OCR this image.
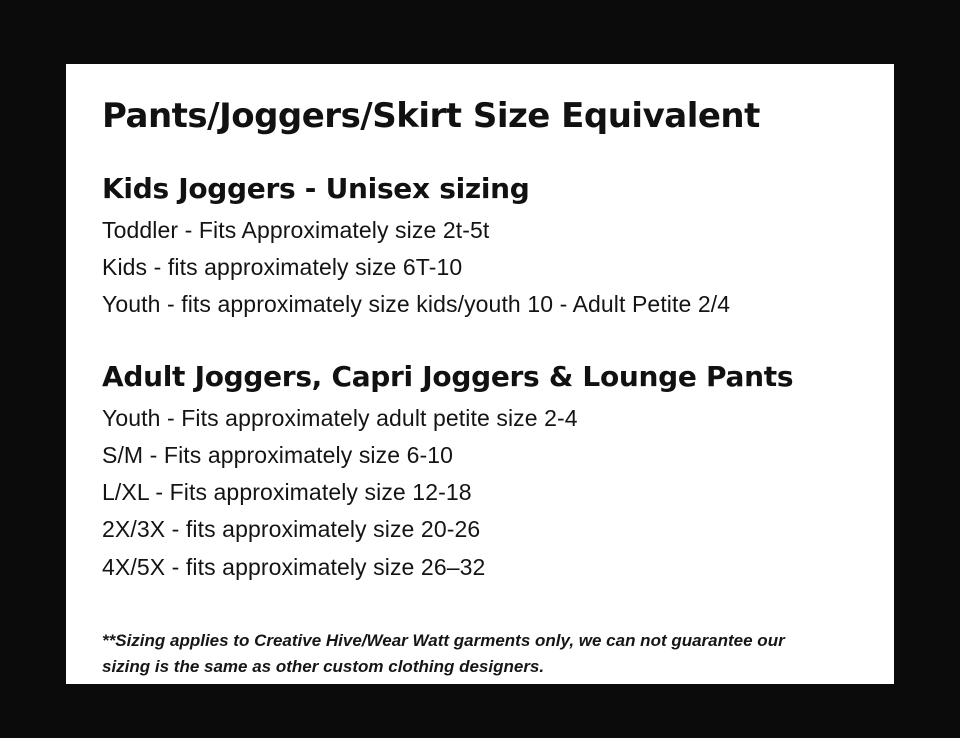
Pants/Joggers/Skirt Size Equivalent
Kids Joggers - Unisex sizing
Toddler - Fits Approximately size 2t-5t
Kids - fits approximately size 6T-10
Youth - fits approximately size kids/youth 10 - Adult Petite 2/4
Adult Joggers, Capri Joggers & Lounge Pants
Youth - Fits approximately adult petite size 2-4
S/M - Fits approximately size 6-10
L/XL - Fits approximately size 12-18
2X/3X - fits approximately size 20-26
4X/5X - fits approximately size 26–32
**Sizing applies to Creative Hive/Wear Watt garments only, we can not guarantee our sizing is the same as other custom clothing designers.
